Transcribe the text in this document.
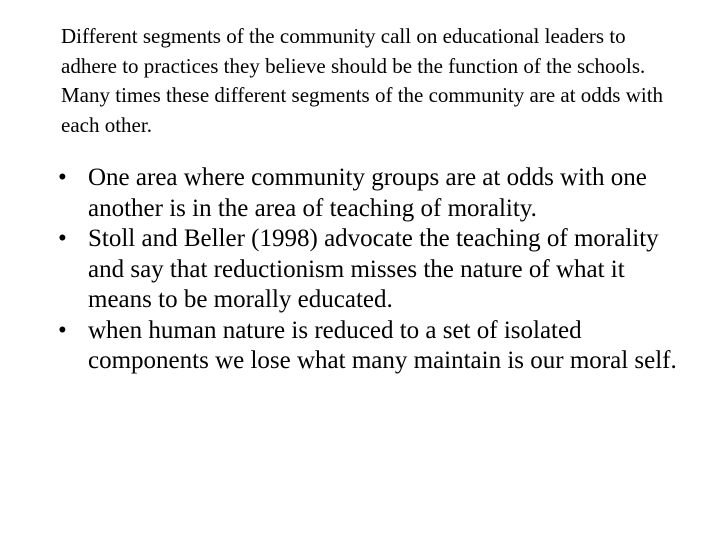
Different segments of the community call on educational leaders to adhere to practices they believe should be the function of the schools. Many times these different segments of the community are at odds with each other.

• One area where community groups are at odds with one another is in the area of teaching of morality.
• Stoll and Beller (1998) advocate the teaching of morality and say that reductionism misses the nature of what it means to be morally educated.
• when human nature is reduced to a set of isolated components we lose what many maintain is our moral self.
